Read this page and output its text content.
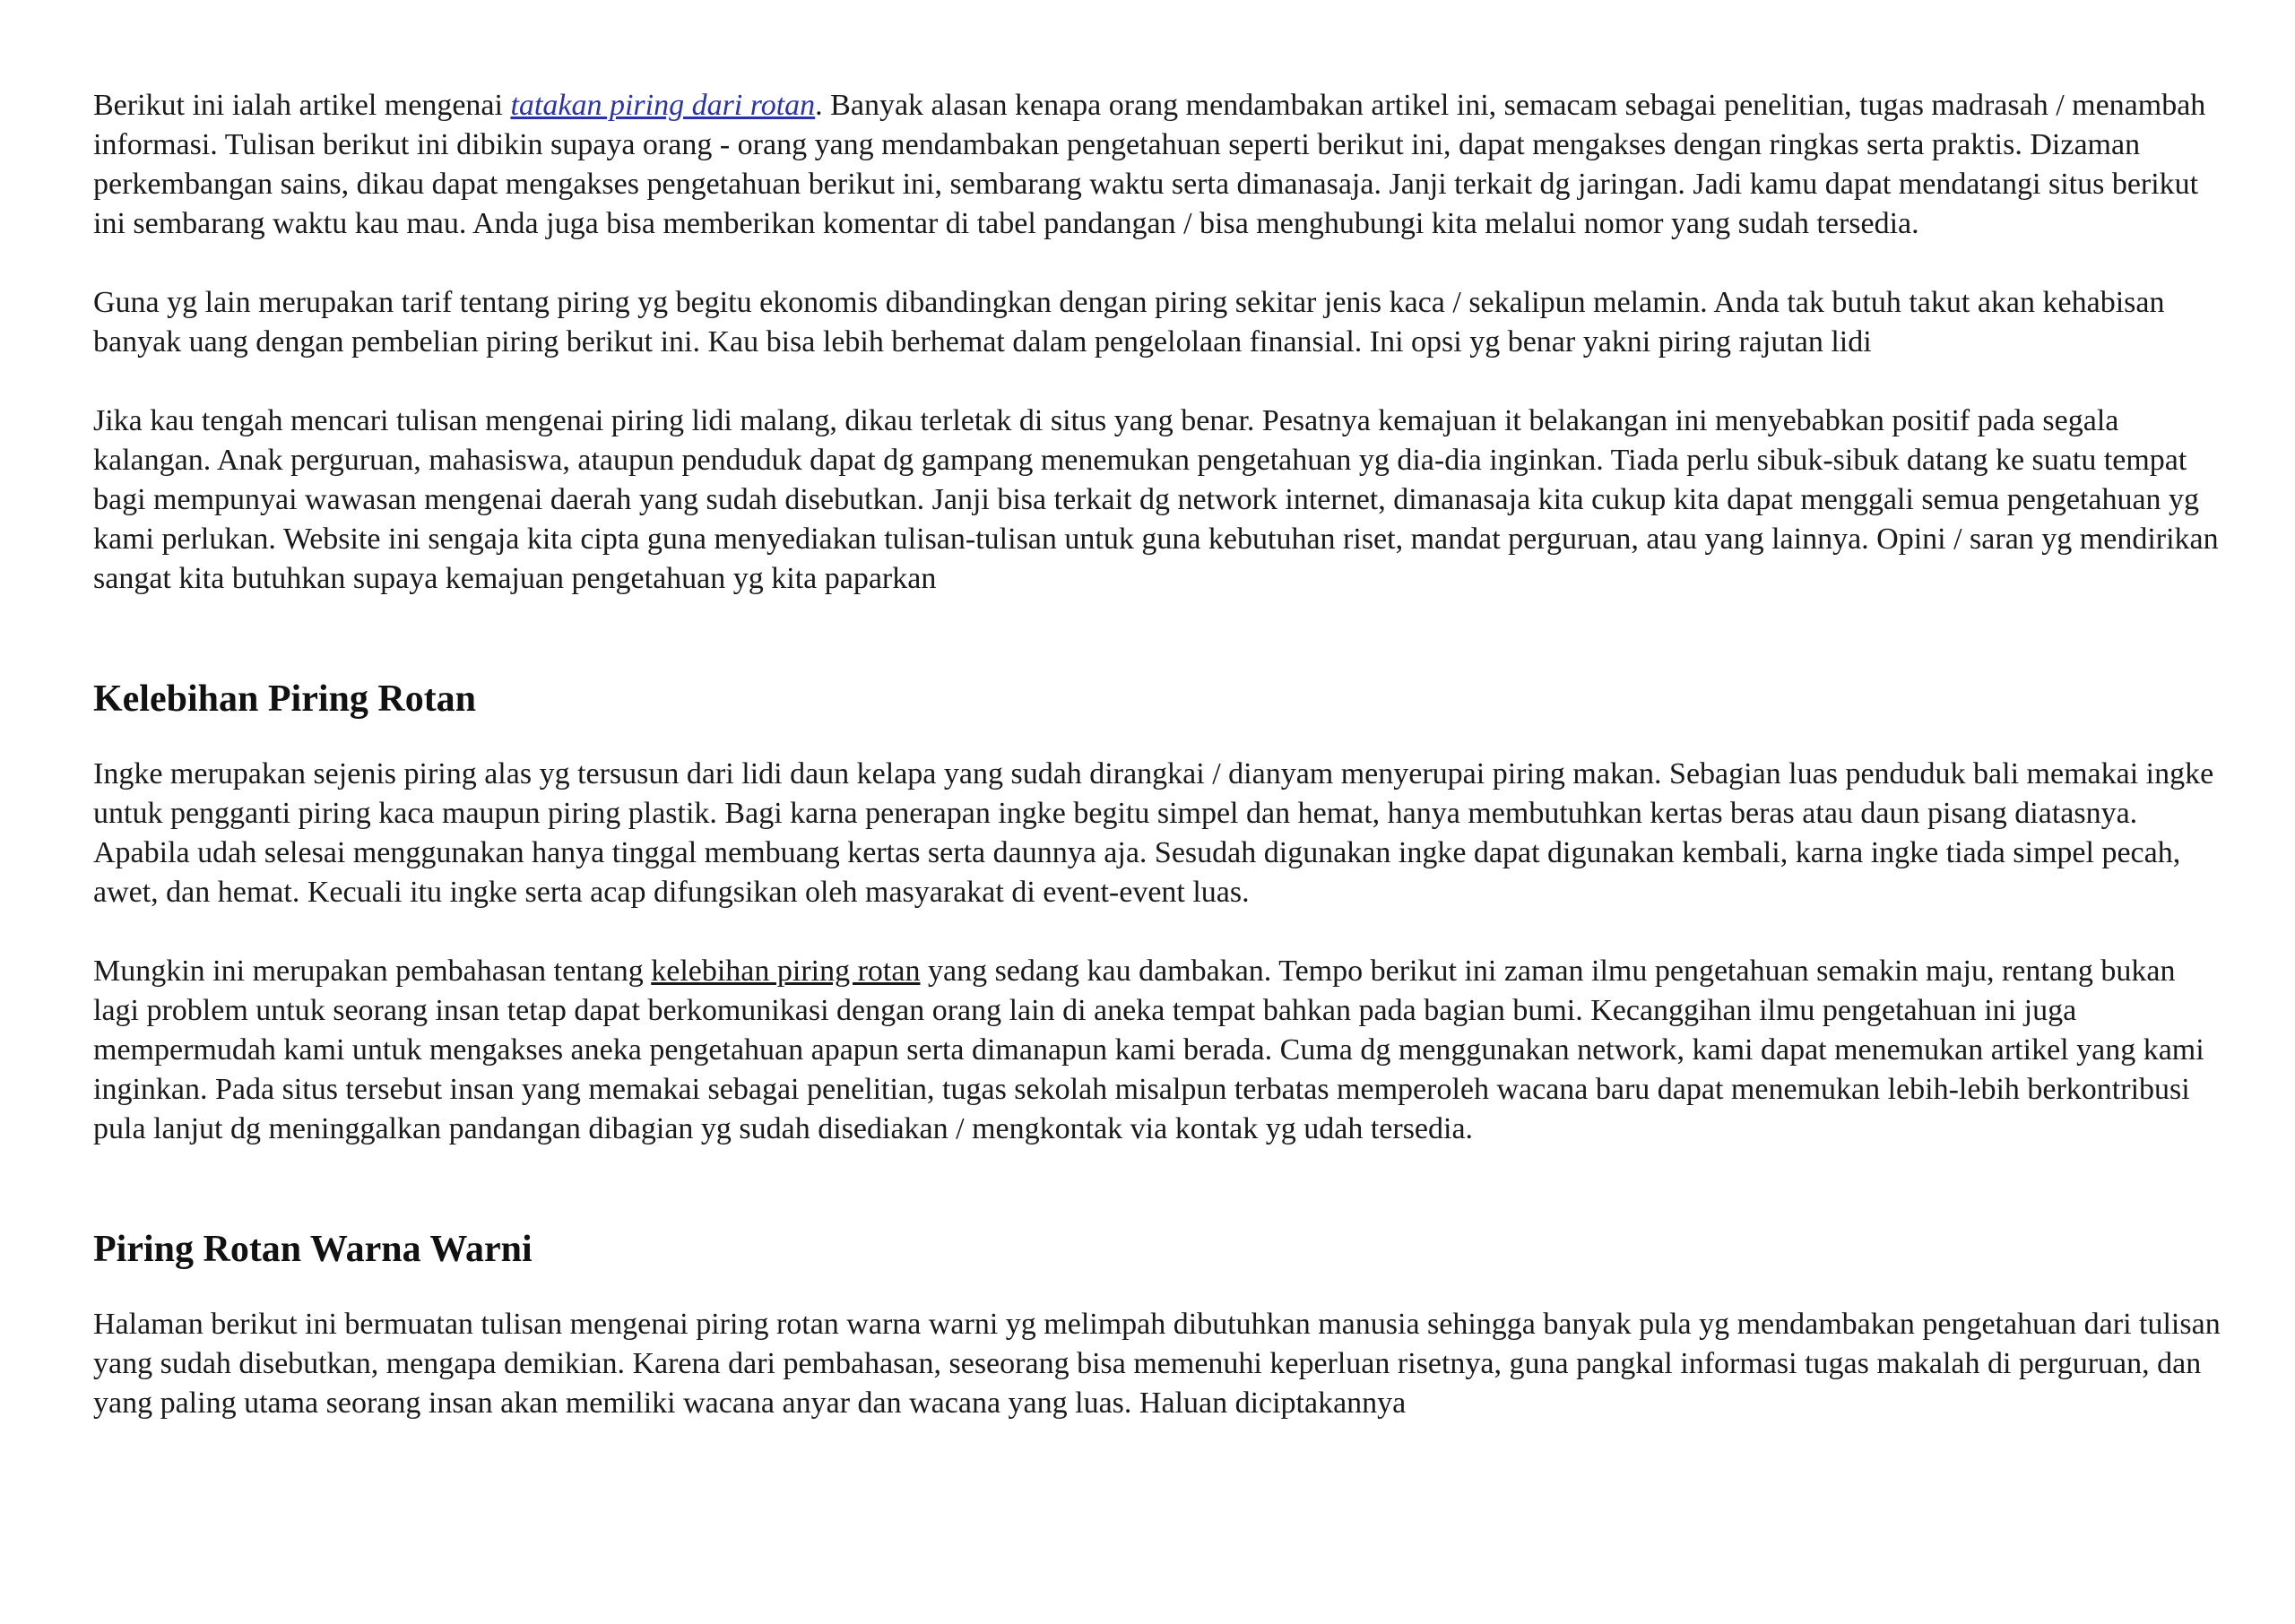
Berikut ini ialah artikel mengenai tatakan piring dari rotan. Banyak alasan kenapa orang mendambakan artikel ini, semacam sebagai penelitian, tugas madrasah / menambah informasi. Tulisan berikut ini dibikin supaya orang - orang yang mendambakan pengetahuan seperti berikut ini, dapat mengakses dengan ringkas serta praktis. Dizaman perkembangan sains, dikau dapat mengakses pengetahuan berikut ini, sembarang waktu serta dimanasaja. Janji terkait dg jaringan. Jadi kamu dapat mendatangi situs berikut ini sembarang waktu kau mau. Anda juga bisa memberikan komentar di tabel pandangan / bisa menghubungi kita melalui nomor yang sudah tersedia.

Guna yg lain merupakan tarif tentang piring yg begitu ekonomis dibandingkan dengan piring sekitar jenis kaca / sekalipun melamin. Anda tak butuh takut akan kehabisan banyak uang dengan pembelian piring berikut ini. Kau bisa lebih berhemat dalam pengelolaan finansial. Ini opsi yg benar yakni piring rajutan lidi

Jika kau tengah mencari tulisan mengenai piring lidi malang, dikau terletak di situs yang benar. Pesatnya kemajuan it belakangan ini menyebabkan positif pada segala kalangan. Anak perguruan, mahasiswa, ataupun penduduk dapat dg gampang menemukan pengetahuan yg dia-dia inginkan. Tiada perlu sibuk-sibuk datang ke suatu tempat bagi mempunyai wawasan mengenai daerah yang sudah disebutkan. Janji bisa terkait dg network internet, dimanasaja kita cukup kita dapat menggali semua pengetahuan yg kami perlukan. Website ini sengaja kita cipta guna menyediakan tulisan-tulisan untuk guna kebutuhan riset, mandat perguruan, atau yang lainnya. Opini / saran yg mendirikan sangat kita butuhkan supaya kemajuan pengetahuan yg kita paparkan

Kelebihan Piring Rotan

Ingke merupakan sejenis piring alas yg tersusun dari lidi daun kelapa yang sudah dirangkai / dianyam menyerupai piring makan. Sebagian luas penduduk bali memakai ingke untuk pengganti piring kaca maupun piring plastik. Bagi karna penerapan ingke begitu simpel dan hemat, hanya membutuhkan kertas beras atau daun pisang diatasnya. Apabila udah selesai menggunakan hanya tinggal membuang kertas serta daunnya aja. Sesudah digunakan ingke dapat digunakan kembali, karna ingke tiada simpel pecah, awet, dan hemat. Kecuali itu ingke serta acap difungsikan oleh masyarakat di event-event luas.

Mungkin ini merupakan pembahasan tentang kelebihan piring rotan yang sedang kau dambakan. Tempo berikut ini zaman ilmu pengetahuan semakin maju, rentang bukan lagi problem untuk seorang insan tetap dapat berkomunikasi dengan orang lain di aneka tempat bahkan pada bagian bumi. Kecanggihan ilmu pengetahuan ini juga mempermudah kami untuk mengakses aneka pengetahuan apapun serta dimanapun kami berada. Cuma dg menggunakan network, kami dapat menemukan artikel yang kami inginkan. Pada situs tersebut insan yang memakai sebagai penelitian, tugas sekolah misalpun terbatas memperoleh wacana baru dapat menemukan lebih-lebih berkontribusi pula lanjut dg meninggalkan pandangan dibagian yg sudah disediakan / mengkontak via kontak yg udah tersedia.

Piring Rotan Warna Warni

Halaman berikut ini bermuatan tulisan mengenai piring rotan warna warni yg melimpah dibutuhkan manusia sehingga banyak pula yg mendambakan pengetahuan dari tulisan yang sudah disebutkan, mengapa demikian. Karena dari pembahasan, seseorang bisa memenuhi keperluan risetnya, guna pangkal informasi tugas makalah di perguruan, dan yang paling utama seorang insan akan memiliki wacana anyar dan wacana yang luas. Haluan diciptakannya
